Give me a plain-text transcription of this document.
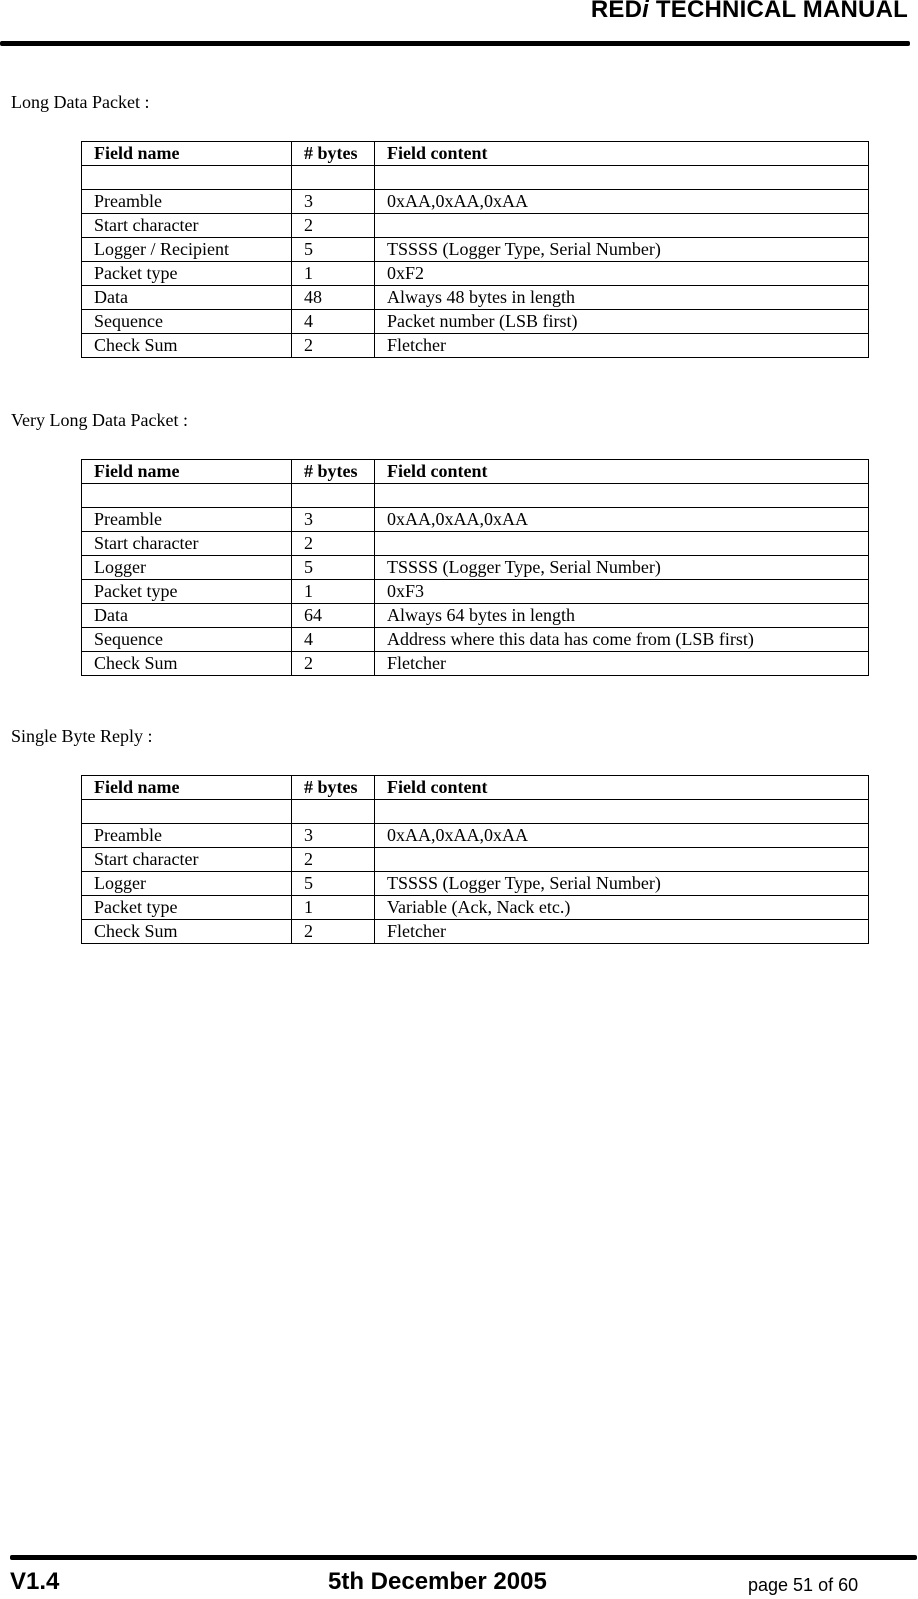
REDi TECHNICAL MANUAL
Long Data Packet :
Field name	# bytes	Field content

Preamble	3	0xAA,0xAA,0xAA
Start character	2	
Logger / Recipient	5	TSSSS (Logger Type, Serial Number)
Packet type	1	0xF2
Data	48	Always 48 bytes in length
Sequence	4	Packet number (LSB first)
Check Sum	2	Fletcher
Very Long Data Packet :
Field name	# bytes	Field content

Preamble	3	0xAA,0xAA,0xAA
Start character	2	
Logger	5	TSSSS (Logger Type, Serial Number)
Packet type	1	0xF3
Data	64	Always 64 bytes in length
Sequence	4	Address where this data has come from (LSB first)
Check Sum	2	Fletcher
Single Byte Reply :
Field name	# bytes	Field content

Preamble	3	0xAA,0xAA,0xAA
Start character	2	
Logger	5	TSSSS (Logger Type, Serial Number)
Packet type	1	Variable (Ack, Nack etc.)
Check Sum	2	Fletcher
V1.4	5th December 2005	page 51 of 60
